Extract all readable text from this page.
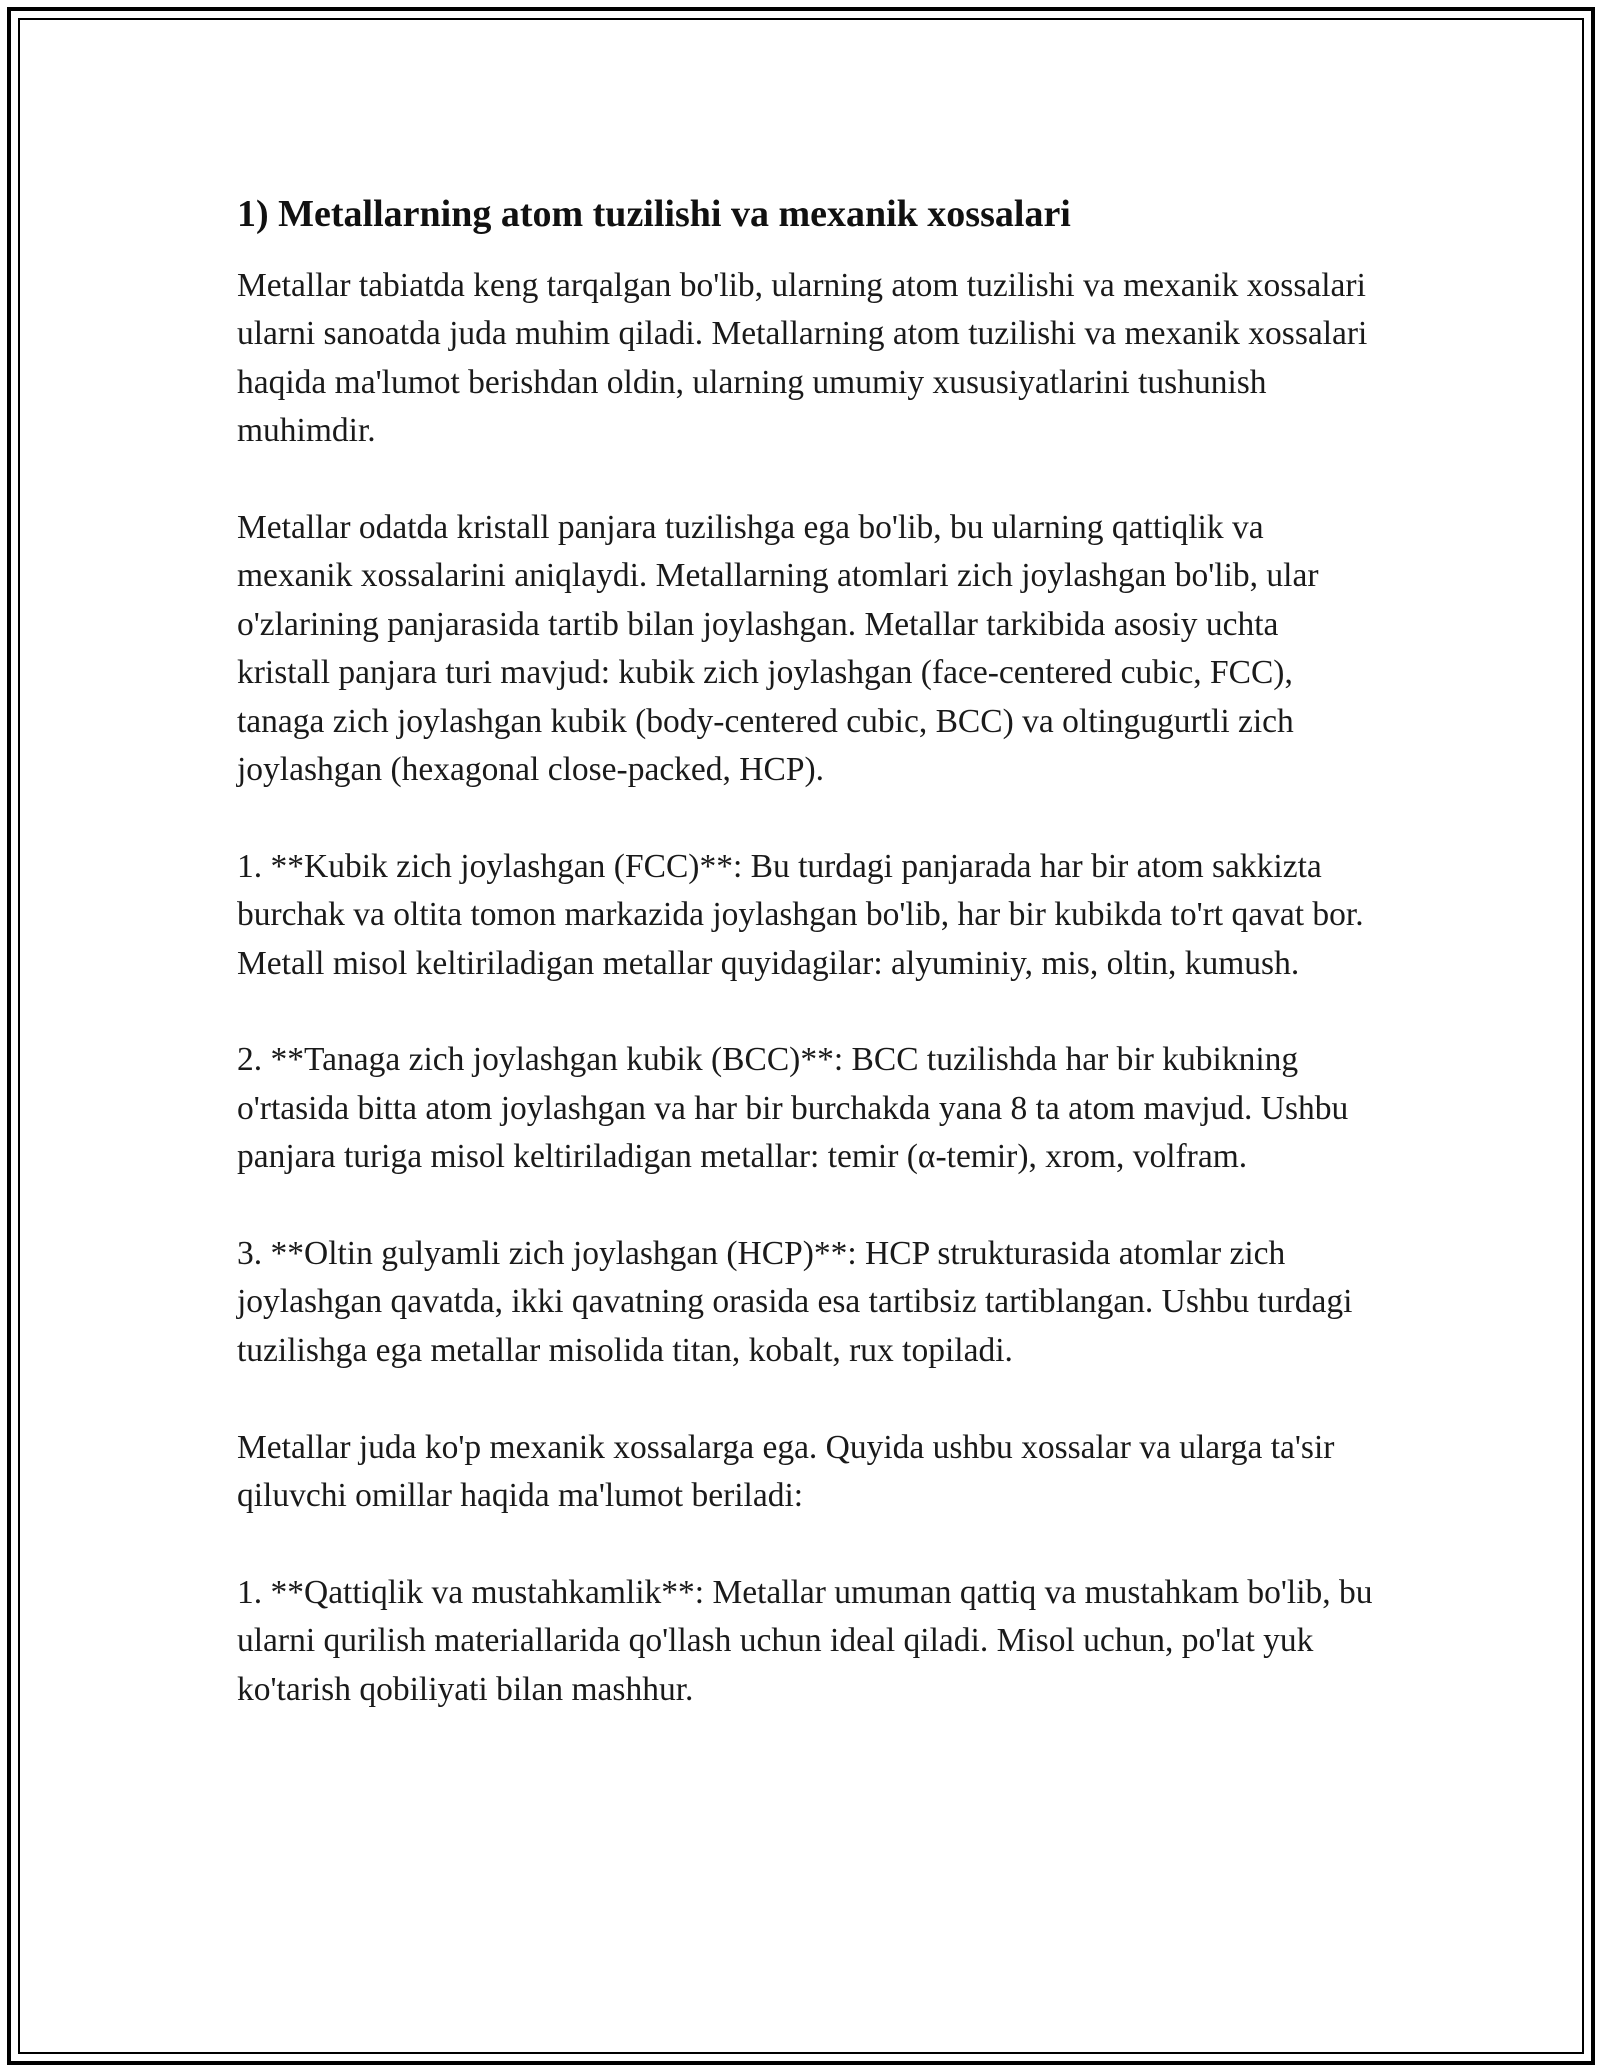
1) Metallarning atom tuzilishi va mexanik xossalari

Metallar tabiatda keng tarqalgan bo'lib, ularning atom tuzilishi va mexanik xossalari ularni sanoatda juda muhim qiladi. Metallarning atom tuzilishi va mexanik xossalari haqida ma'lumot berishdan oldin, ularning umumiy xususiyatlarini tushunish muhimdir.

Metallar odatda kristall panjara tuzilishga ega bo'lib, bu ularning qattiqlik va mexanik xossalarini aniqlaydi. Metallarning atomlari zich joylashgan bo'lib, ular o'zlarining panjarasida tartib bilan joylashgan. Metallar tarkibida asosiy uchta kristall panjara turi mavjud: kubik zich joylashgan (face-centered cubic, FCC), tanaga zich joylashgan kubik (body-centered cubic, BCC) va oltingugurtli zich joylashgan (hexagonal close-packed, HCP).

1. **Kubik zich joylashgan (FCC)**: Bu turdagi panjarada har bir atom sakkizta burchak va oltita tomon markazida joylashgan bo'lib, har bir kubikda to'rt qavat bor. Metall misol keltiriladigan metallar quyidagilar: alyuminiy, mis, oltin, kumush.

2. **Tanaga zich joylashgan kubik (BCC)**: BCC tuzilishda har bir kubikning o'rtasida bitta atom joylashgan va har bir burchakda yana 8 ta atom mavjud. Ushbu panjara turiga misol keltiriladigan metallar: temir (α-temir), xrom, volfram.

3. **Oltin gulyamli zich joylashgan (HCP)**: HCP strukturasida atomlar zich joylashgan qavatda, ikki qavatning orasida esa tartibsiz tartiblangan. Ushbu turdagi tuzilishga ega metallar misolida titan, kobalt, rux topiladi.

Metallar juda ko'p mexanik xossalarga ega. Quyida ushbu xossalar va ularga ta'sir qiluvchi omillar haqida ma'lumot beriladi:

1. **Qattiqlik va mustahkamlik**: Metallar umuman qattiq va mustahkam bo'lib, bu ularni qurilish materiallarida qo'llash uchun ideal qiladi. Misol uchun, po'lat yuk ko'tarish qobiliyati bilan mashhur.
